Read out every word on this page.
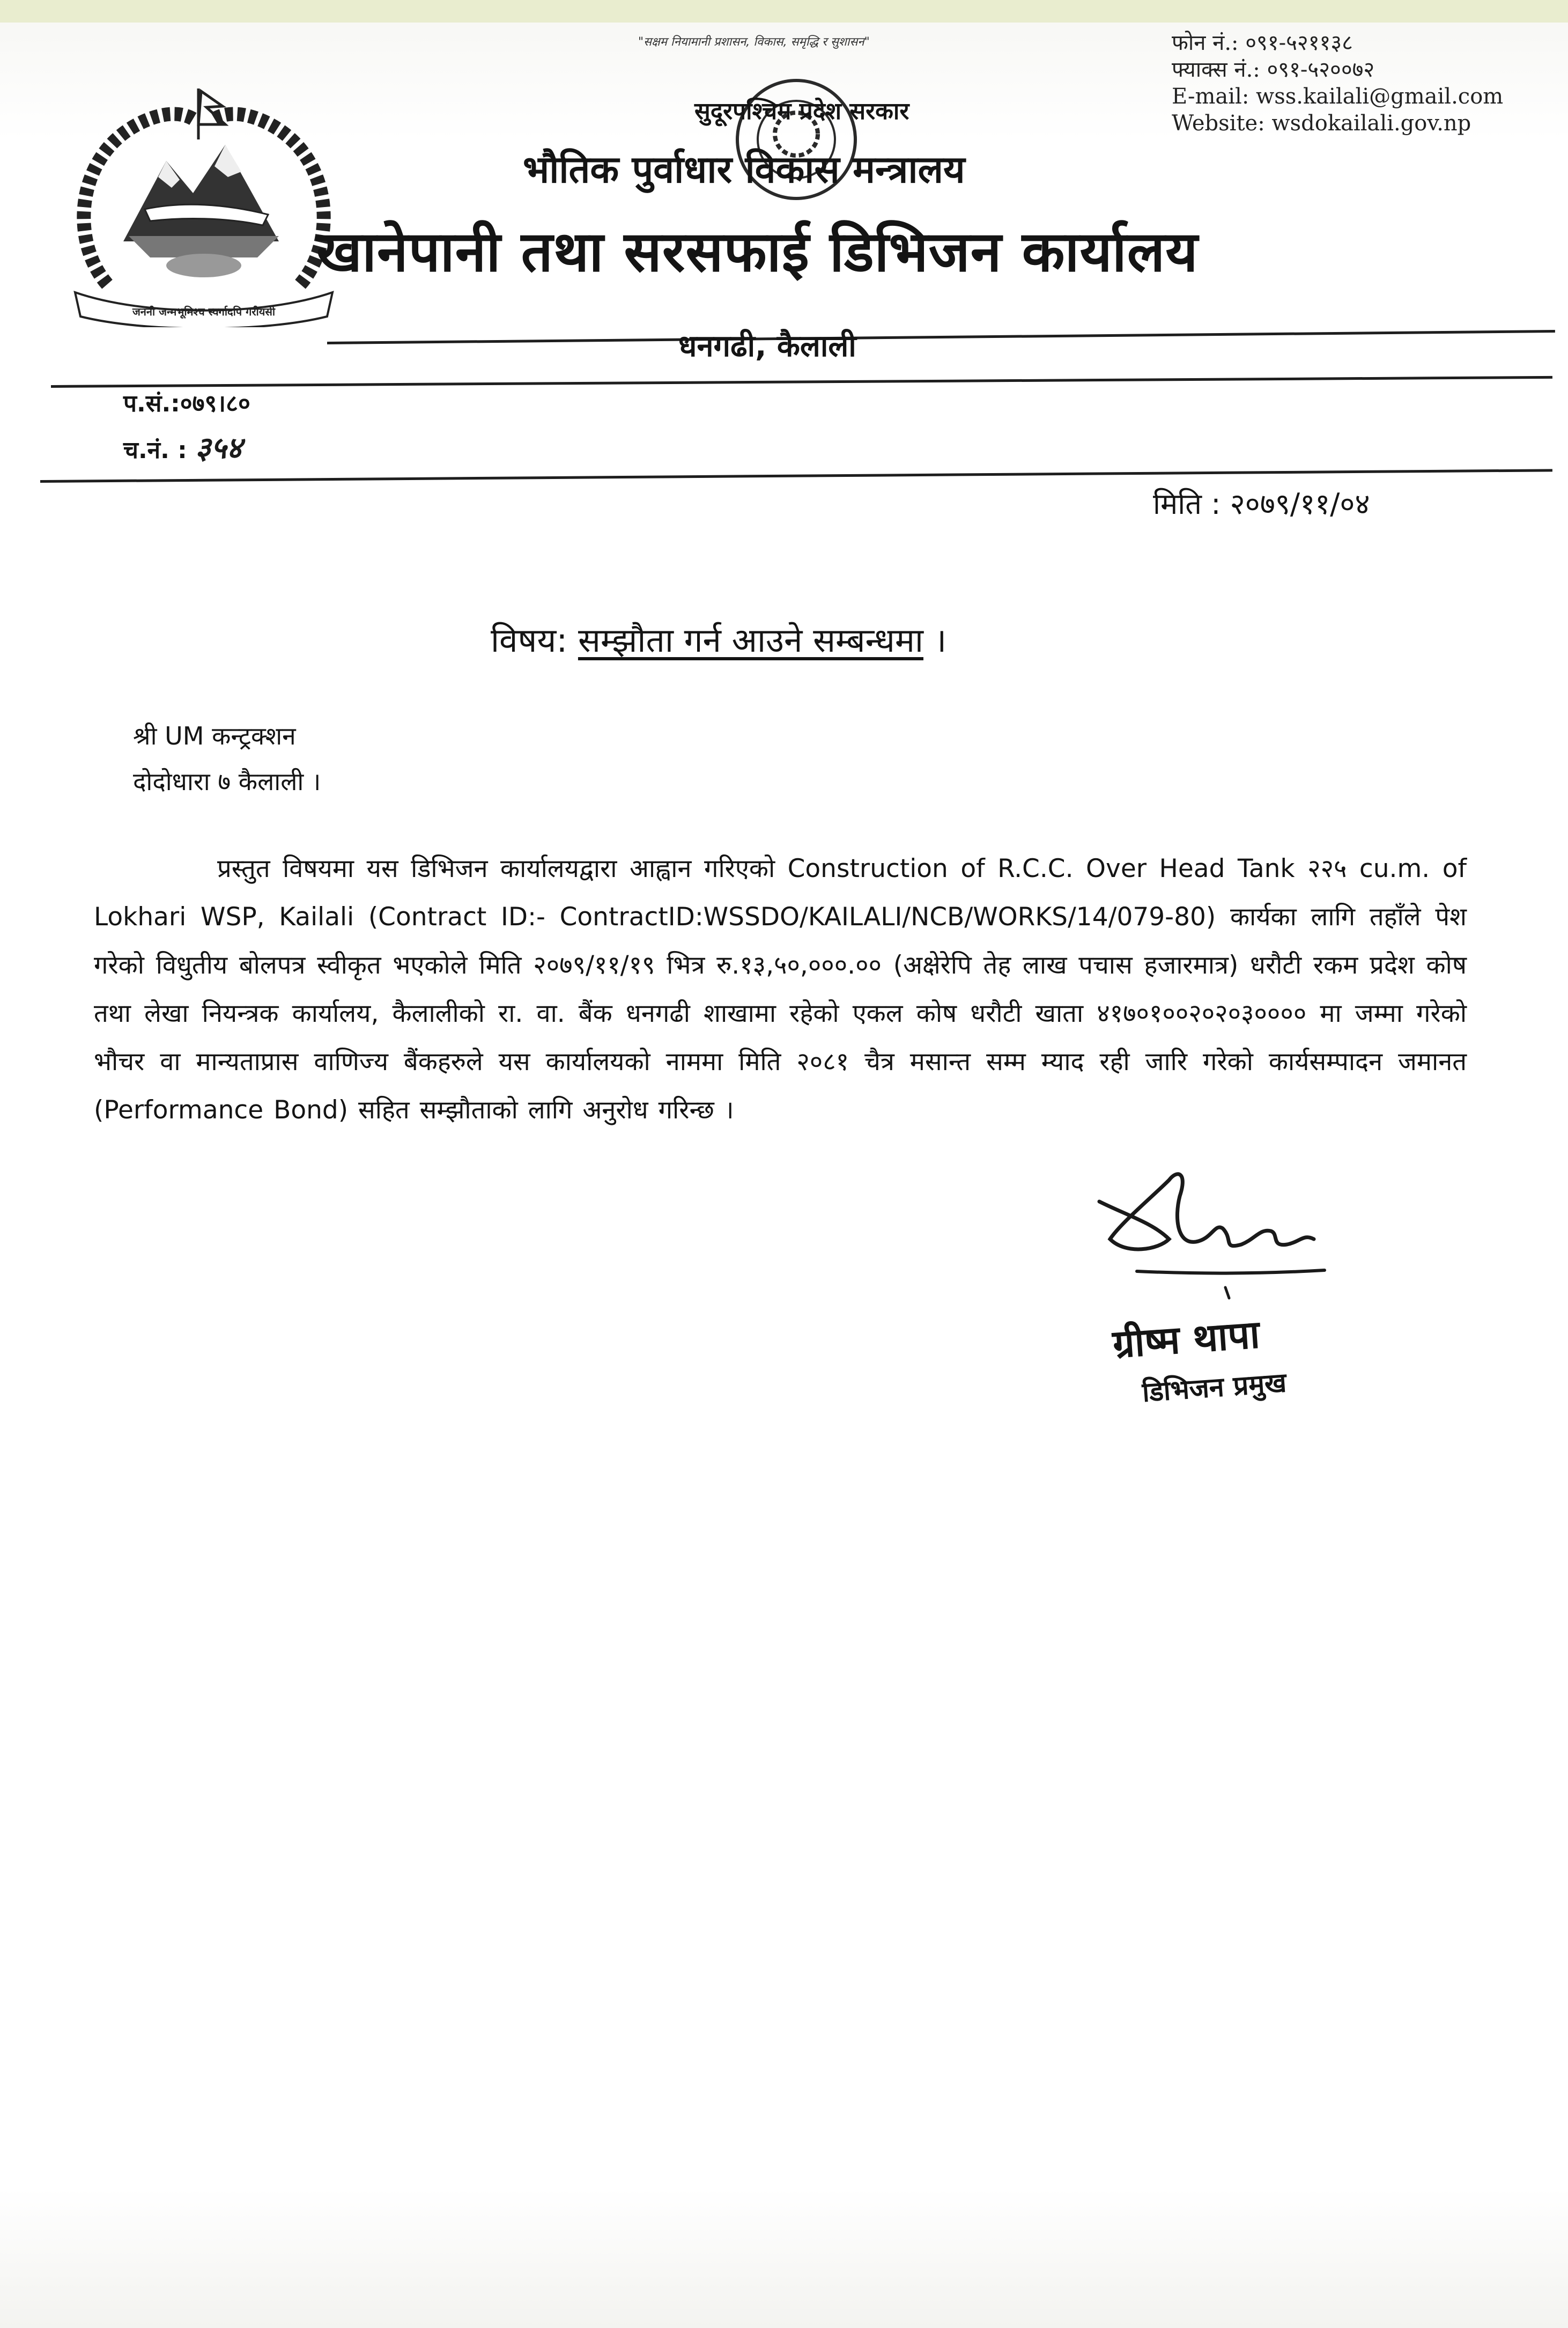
जननी जन्मभूमिश्च स्वर्गादपि गरीयसी
"सक्षम नियामानी प्रशासन, विकास, समृद्धि र सुशासन"	फोन नं.: ०९१-५२११३८
फ्याक्स नं.: ०९१-५२००७२
E-mail: wss.kailali@gmail.com
Website: wsdokailali.gov.np
सुदूरपश्चिम प्रदेश सरकार
भौतिक पुर्वाधार विकास मन्त्रालय
खानेपानी तथा सरसफाई डिभिजन कार्यालय
धनगढी, कैलाली
प.सं.:०७९।८०
च.नं. : ३५४
मिति : २०७९/११/०४
विषय: सम्झौता गर्न आउने सम्बन्धमा ।
श्री UM कन्ट्रक्शन
दोदोधारा ७ कैलाली ।
प्रस्तुत विषयमा यस डिभिजन कार्यालयद्वारा आह्वान गरिएको Construction of R.C.C. Over Head Tank २२५ cu.m. of Lokhari WSP, Kailali (Contract ID:- ContractID:WSSDO/KAILALI/NCB/WORKS/14/079-80) कार्यका लागि तहाँले पेश गरेको विधुतीय बोलपत्र स्वीकृत भएकोले मिति २०७९/११/१९ भित्र रु.१३,५०,०००.०० (अक्षेरेपि तेह लाख पचास हजारमात्र) धरौटी रकम प्रदेश कोष तथा लेखा नियन्त्रक कार्यालय, कैलालीको रा. वा. बैंक धनगढी शाखामा रहेको एकल कोष धरौटी खाता ४१७०१००२०२०३०००० मा जम्मा गरेको भौचर वा मान्यताप्रास वाणिज्य बैंकहरुले यस कार्यालयको नाममा मिति २०८१ चैत्र मसान्त सम्म म्याद रही जारि गरेको कार्यसम्पादन जमानत (Performance Bond) सहित सम्झौताको लागि अनुरोध गरिन्छ ।
ग्रीष्म थापा
डिभिजन प्रमुख
